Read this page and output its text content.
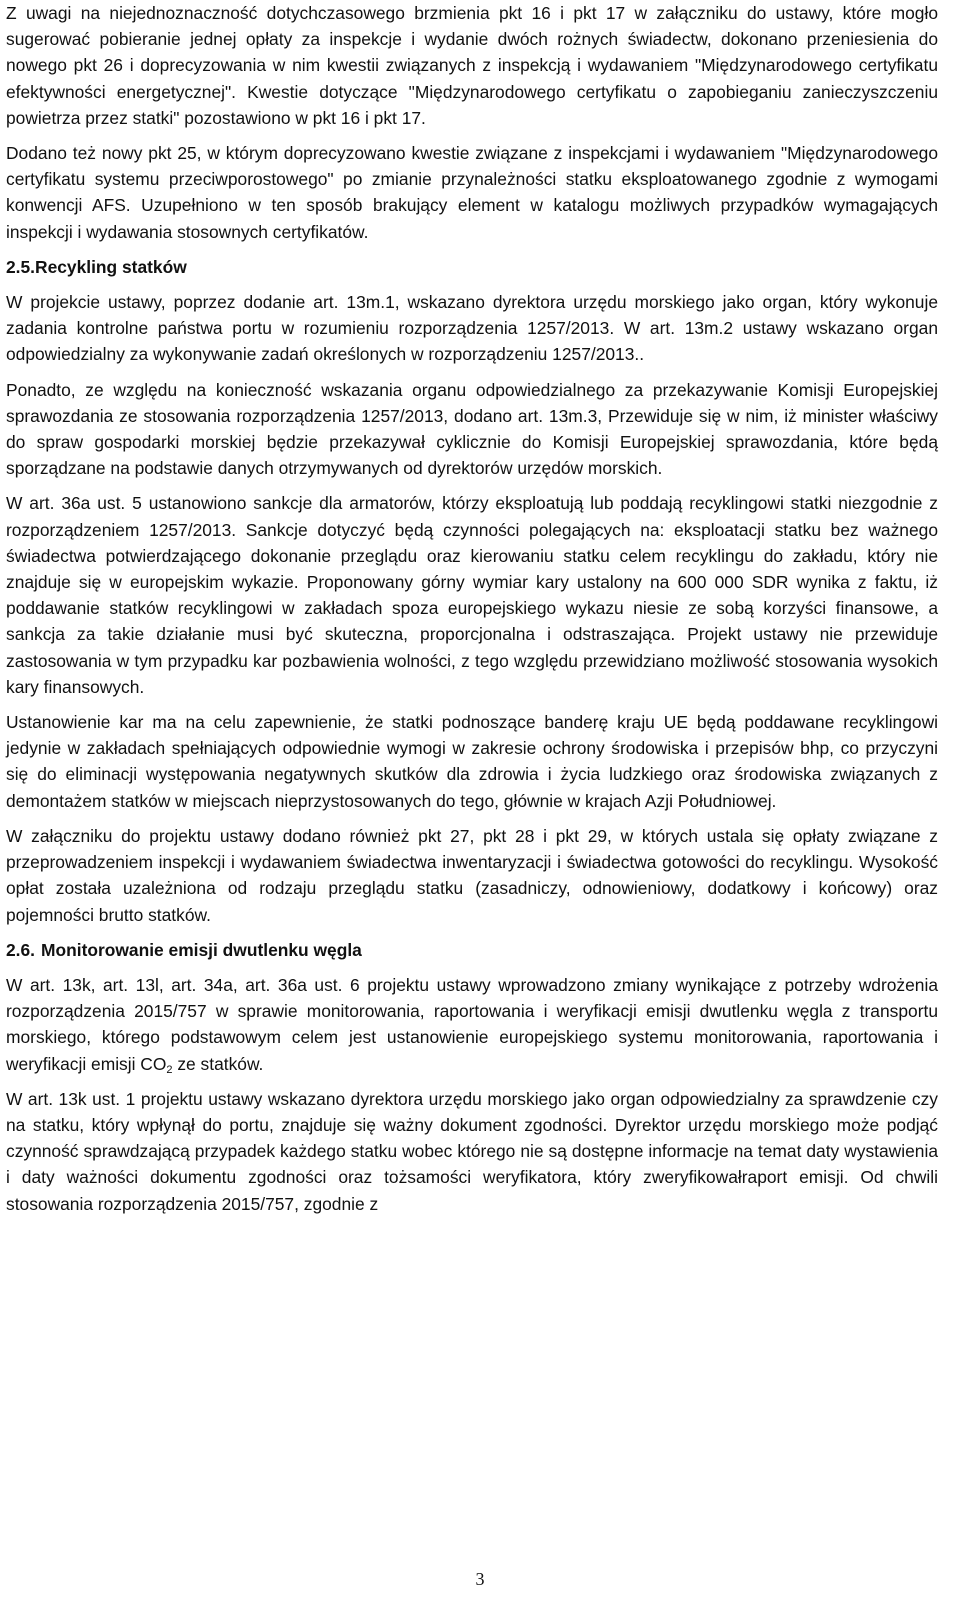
Z uwagi na niejednoznaczność dotychczasowego brzmienia pkt 16 i pkt 17 w załączniku do ustawy, które mogło sugerować pobieranie jednej opłaty za inspekcje i wydanie dwóch rożnych świadectw, dokonano przeniesienia do nowego pkt 26 i doprecyzowania w nim kwestii związanych z inspekcją i wydawaniem "Międzynarodowego certyfikatu efektywności energetycznej". Kwestie dotyczące "Międzynarodowego certyfikatu o zapobieganiu zanieczyszczeniu powietrza przez statki" pozostawiono w pkt 16 i pkt 17.

Dodano też nowy pkt 25, w którym doprecyzowano kwestie związane z inspekcjami i wydawaniem "Międzynarodowego certyfikatu systemu przeciwporostowego" po zmianie przynależności statku eksploatowanego zgodnie z wymogami konwencji AFS. Uzupełniono w ten sposób brakujący element w katalogu możliwych przypadków wymagających inspekcji i wydawania stosownych certyfikatów.

2.5.Recykling statków

W projekcie ustawy, poprzez dodanie art. 13m.1, wskazano dyrektora urzędu morskiego jako organ, który wykonuje zadania kontrolne państwa portu w rozumieniu rozporządzenia 1257/2013. W art. 13m.2 ustawy wskazano organ odpowiedzialny za wykonywanie zadań określonych w rozporządzeniu 1257/2013..

Ponadto, ze względu na konieczność wskazania organu odpowiedzialnego za przekazywanie Komisji Europejskiej sprawozdania ze stosowania rozporządzenia 1257/2013, dodano art. 13m.3, Przewiduje się w nim, iż minister właściwy do spraw gospodarki morskiej będzie przekazywał cyklicznie do Komisji Europejskiej sprawozdania, które będą sporządzane na podstawie danych otrzymywanych od dyrektorów urzędów morskich.

W art. 36a ust. 5 ustanowiono sankcje dla armatorów, którzy eksploatują lub poddają recyklingowi statki niezgodnie z rozporządzeniem 1257/2013. Sankcje dotyczyć będą czynności polegających na: eksploatacji statku bez ważnego świadectwa potwierdzającego dokonanie przeglądu oraz kierowaniu statku celem recyklingu do zakładu, który nie znajduje się w europejskim wykazie. Proponowany górny wymiar kary ustalony na 600 000 SDR wynika z faktu, iż poddawanie statków recyklingowi w zakładach spoza europejskiego wykazu niesie ze sobą korzyści finansowe, a sankcja za takie działanie musi być skuteczna, proporcjonalna i odstraszająca. Projekt ustawy nie przewiduje zastosowania w tym przypadku kar pozbawienia wolności, z tego względu przewidziano możliwość stosowania wysokich kary finansowych.

Ustanowienie kar ma na celu zapewnienie, że statki podnoszące banderę kraju UE będą poddawane recyklingowi jedynie w zakładach spełniających odpowiednie wymogi w zakresie ochrony środowiska i przepisów bhp, co przyczyni się do eliminacji występowania negatywnych skutków dla zdrowia i życia ludzkiego oraz środowiska związanych z demontażem statków w miejscach nieprzystosowanych do tego, głównie w krajach Azji Południowej.

W załączniku do projektu ustawy dodano również pkt 27, pkt 28 i pkt 29, w których ustala się opłaty związane z przeprowadzeniem inspekcji i wydawaniem świadectwa inwentaryzacji i świadectwa gotowości do recyklingu. Wysokość opłat została uzależniona od rodzaju przeglądu statku (zasadniczy, odnowieniowy, dodatkowy i końcowy) oraz pojemności brutto statków.

2.6. Monitorowanie emisji dwutlenku węgla

W art. 13k, art. 13l, art. 34a, art. 36a ust. 6 projektu ustawy wprowadzono zmiany wynikające z potrzeby wdrożenia rozporządzenia 2015/757 w sprawie monitorowania, raportowania i weryfikacji emisji dwutlenku węgla z transportu morskiego, którego podstawowym celem jest ustanowienie europejskiego systemu monitorowania, raportowania i weryfikacji emisji $CO_2$ ze statków.

W art. 13k ust. 1 projektu ustawy wskazano dyrektora urzędu morskiego jako organ odpowiedzialny za sprawdzenie czy na statku, który wpłynął do portu, znajduje się ważny dokument zgodności. Dyrektor urzędu morskiego może podjąć czynność sprawdzającą przypadek każdego statku wobec którego nie są dostępne informacje na temat daty wystawienia i daty ważności dokumentu zgodności oraz tożsamości weryfikatora, który zweryfikowałraport emisji. Od chwili stosowania rozporządzenia 2015/757, zgodnie z

3
